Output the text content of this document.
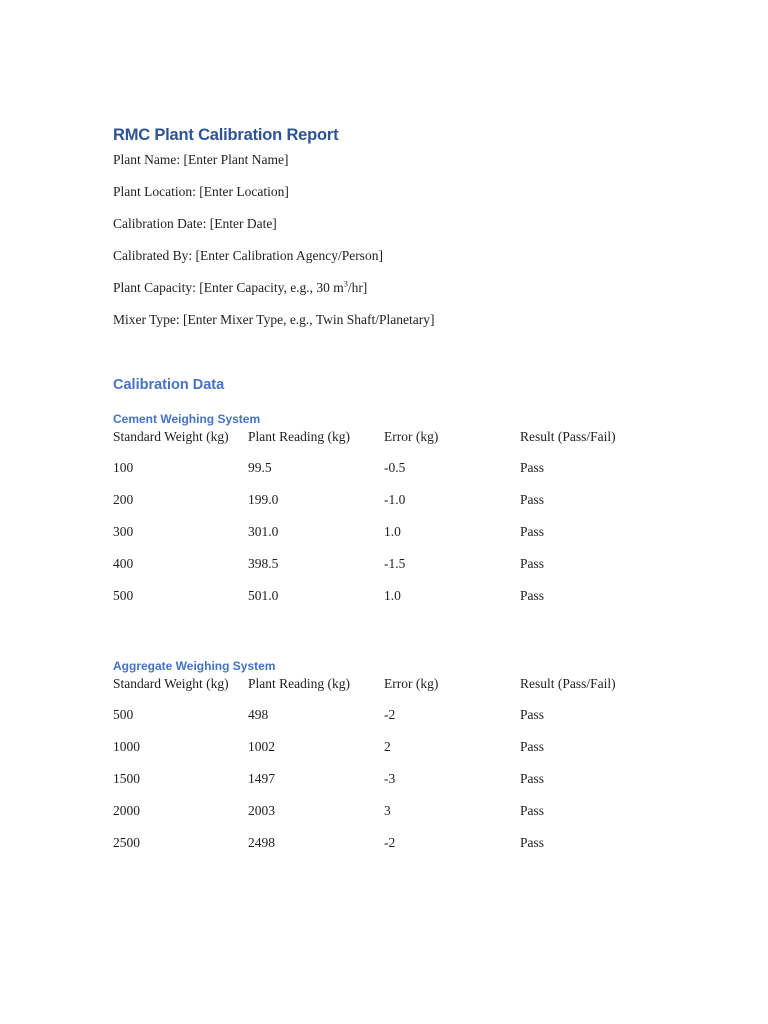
RMC Plant Calibration Report

Plant Name: [Enter Plant Name]

Plant Location: [Enter Location]

Calibration Date: [Enter Date]

Calibrated By: [Enter Calibration Agency/Person]

Plant Capacity: [Enter Capacity, e.g., 30 $m^3/hr$]

Mixer Type: [Enter Mixer Type, e.g., Twin Shaft/Planetary]

Calibration Data
Cement Weighing System
Standard Weight (kg)	Plant Reading (kg)	Error (kg)	Result (Pass/Fail)
100	99.5	-0.5	Pass
200	199.0	-1.0	Pass
300	301.0	1.0	Pass
400	398.5	-1.5	Pass
500	501.0	1.0	Pass
Aggregate Weighing System
Standard Weight (kg)	Plant Reading (kg)	Error (kg)	Result (Pass/Fail)
500	498	-2	Pass
1000	1002	2	Pass
1500	1497	-3	Pass
2000	2003	3	Pass
2500	2498	-2	Pass
